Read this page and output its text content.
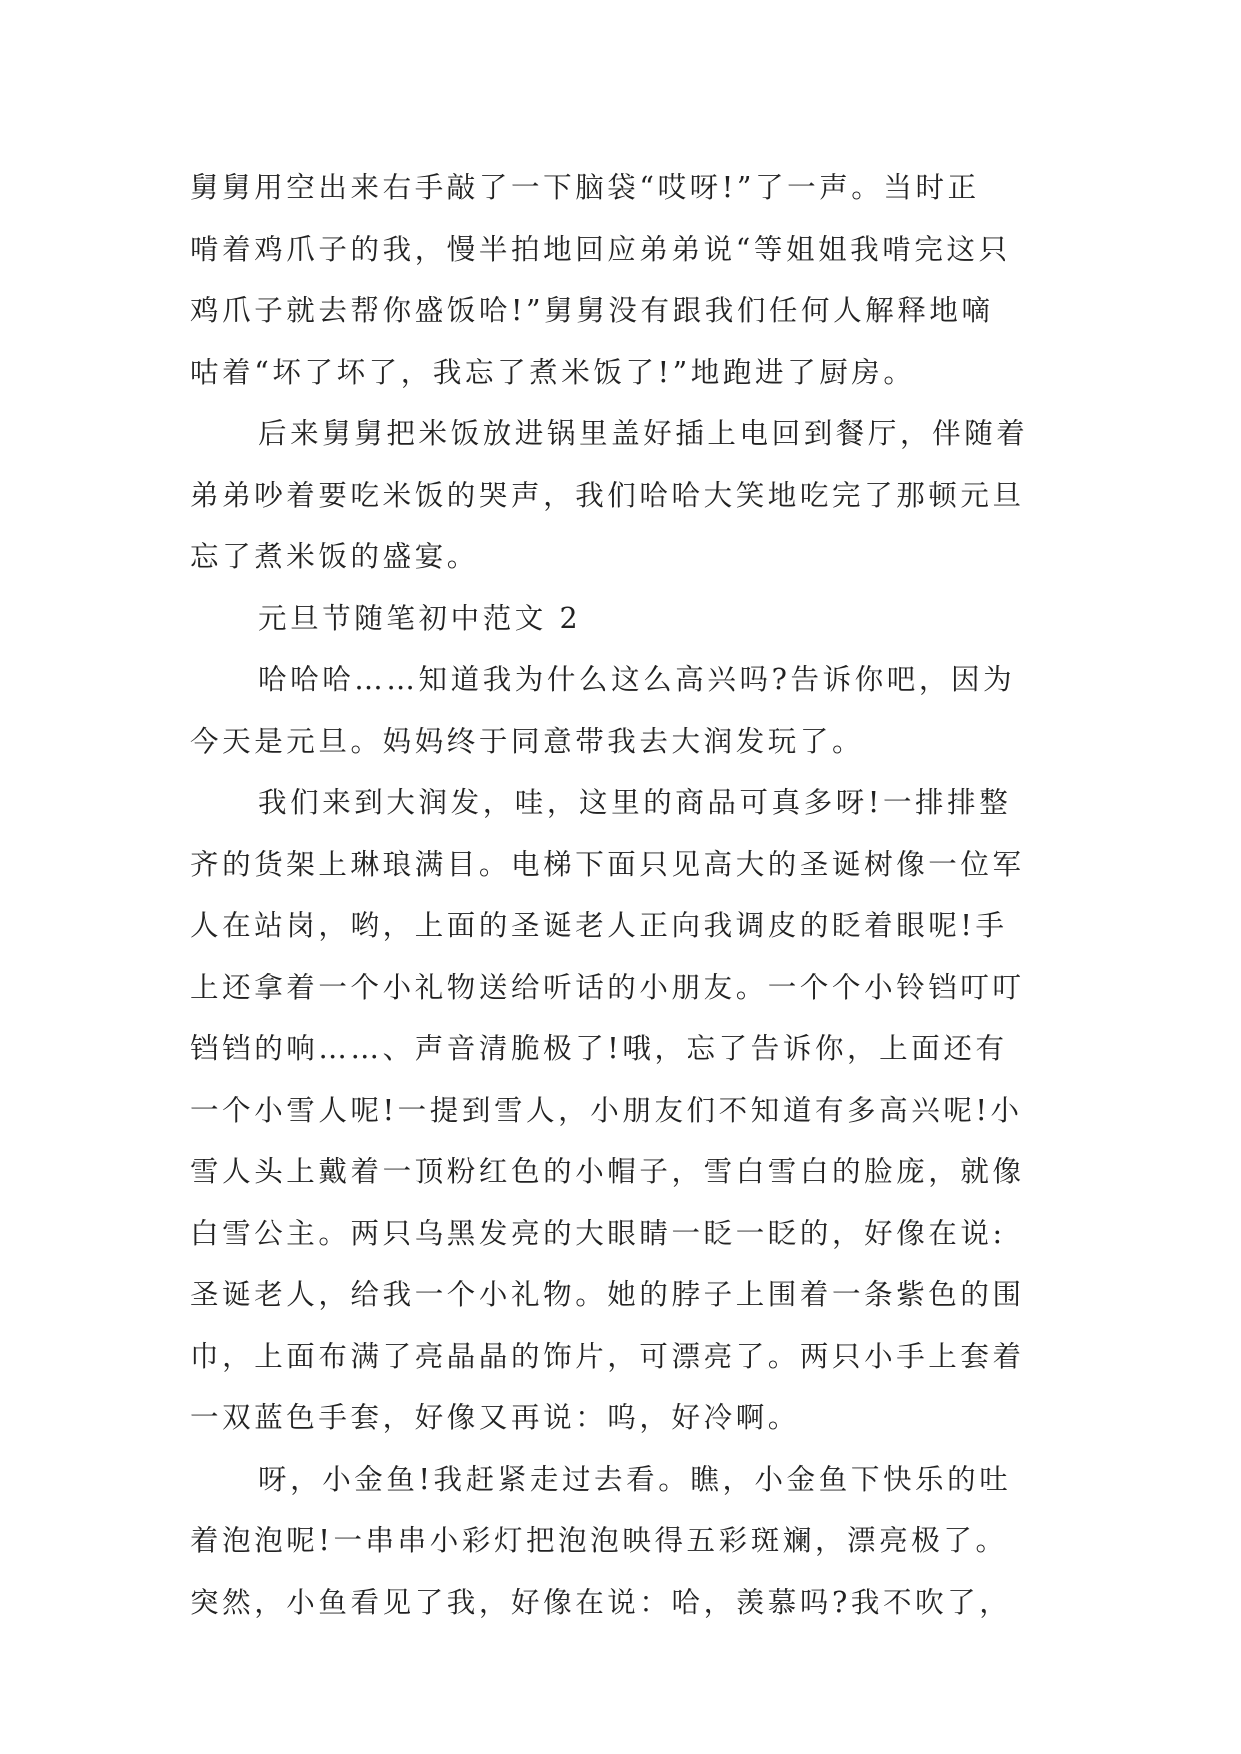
舅舅用空出来右手敲了一下脑袋“哎呀!”了一声。当时正
啃着鸡爪子的我，慢半拍地回应弟弟说“等姐姐我啃完这只
鸡爪子就去帮你盛饭哈!”舅舅没有跟我们任何人解释地嘀
咕着“坏了坏了，我忘了煮米饭了!”地跑进了厨房。
后来舅舅把米饭放进锅里盖好插上电回到餐厅，伴随着
弟弟吵着要吃米饭的哭声，我们哈哈大笑地吃完了那顿元旦
忘了煮米饭的盛宴。
元旦节随笔初中范文 2
哈哈哈……知道我为什么这么高兴吗?告诉你吧，因为
今天是元旦。妈妈终于同意带我去大润发玩了。
我们来到大润发，哇，这里的商品可真多呀!一排排整
齐的货架上琳琅满目。电梯下面只见高大的圣诞树像一位军
人在站岗，哟，上面的圣诞老人正向我调皮的眨着眼呢!手
上还拿着一个小礼物送给听话的小朋友。一个个小铃铛叮叮
铛铛的响……、声音清脆极了!哦，忘了告诉你，上面还有
一个小雪人呢!一提到雪人，小朋友们不知道有多高兴呢!小
雪人头上戴着一顶粉红色的小帽子，雪白雪白的脸庞，就像
白雪公主。两只乌黑发亮的大眼睛一眨一眨的，好像在说:
圣诞老人，给我一个小礼物。她的脖子上围着一条紫色的围
巾，上面布满了亮晶晶的饰片，可漂亮了。两只小手上套着
一双蓝色手套，好像又再说：呜，好冷啊。
呀，小金鱼!我赶紧走过去看。瞧，小金鱼下快乐的吐
着泡泡呢!一串串小彩灯把泡泡映得五彩斑斓，漂亮极了。
突然，小鱼看见了我，好像在说：哈，羡慕吗?我不吹了，
